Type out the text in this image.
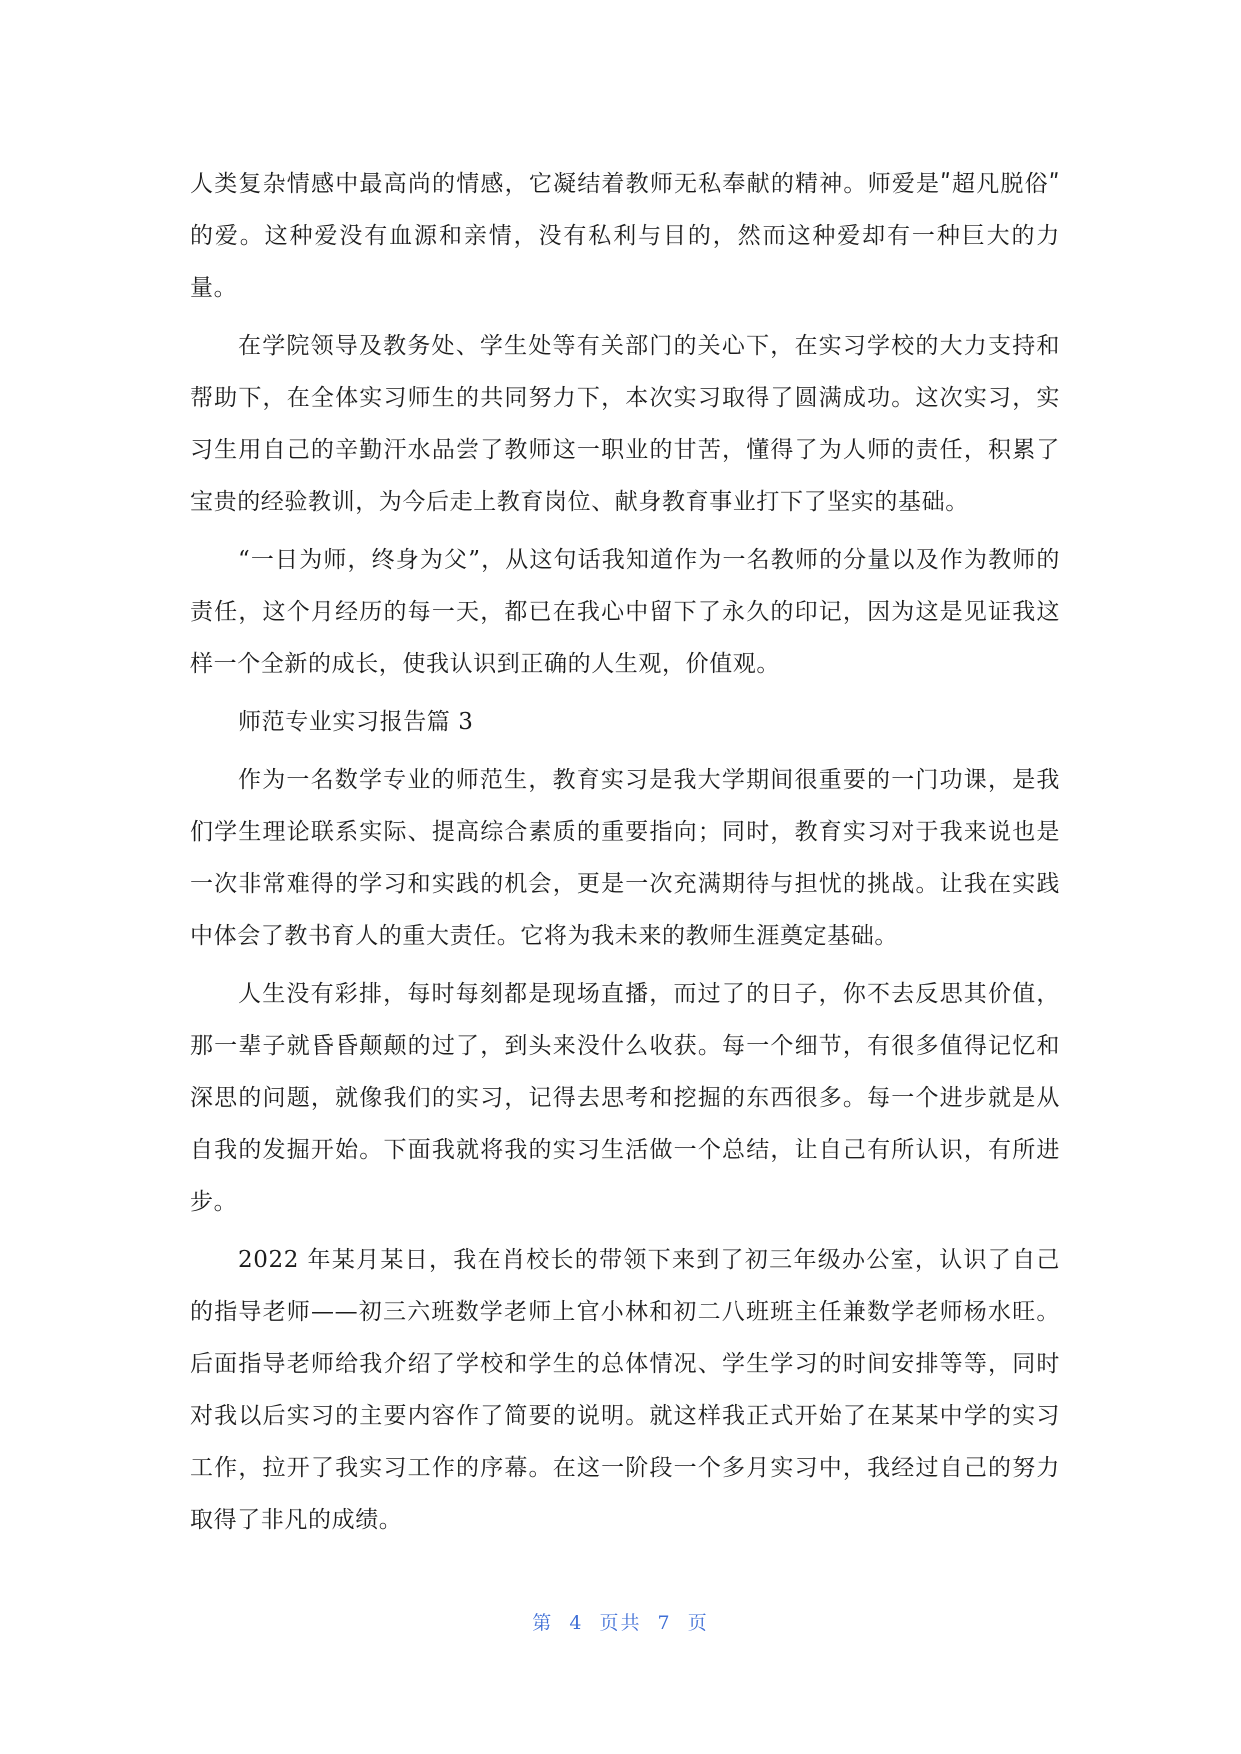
人类复杂情感中最高尚的情感，它凝结着教师无私奉献的精神。师爱是ʺ超凡脱俗ʺ的爱。这种爱没有血源和亲情，没有私利与目的，然而这种爱却有一种巨大的力量。

在学院领导及教务处、学生处等有关部门的关心下，在实习学校的大力支持和帮助下，在全体实习师生的共同努力下，本次实习取得了圆满成功。这次实习，实习生用自己的辛勤汗水品尝了教师这一职业的甘苦，懂得了为人师的责任，积累了宝贵的经验教训，为今后走上教育岗位、献身教育事业打下了坚实的基础。

“一日为师，终身为父”，从这句话我知道作为一名教师的分量以及作为教师的责任，这个月经历的每一天，都已在我心中留下了永久的印记，因为这是见证我这样一个全新的成长，使我认识到正确的人生观，价值观。

师范专业实习报告篇 3

作为一名数学专业的师范生，教育实习是我大学期间很重要的一门功课，是我们学生理论联系实际、提高综合素质的重要指向；同时，教育实习对于我来说也是一次非常难得的学习和实践的机会，更是一次充满期待与担忧的挑战。让我在实践中体会了教书育人的重大责任。它将为我未来的教师生涯奠定基础。

人生没有彩排，每时每刻都是现场直播，而过了的日子，你不去反思其价值，那一辈子就昏昏颠颠的过了，到头来没什么收获。每一个细节，有很多值得记忆和深思的问题，就像我们的实习，记得去思考和挖掘的东西很多。每一个进步就是从自我的发掘开始。下面我就将我的实习生活做一个总结，让自己有所认识，有所进步。

2022 年某月某日，我在肖校长的带领下来到了初三年级办公室，认识了自己的指导老师——初三六班数学老师上官小林和初二八班班主任兼数学老师杨水旺。后面指导老师给我介绍了学校和学生的总体情况、学生学习的时间安排等等，同时对我以后实习的主要内容作了简要的说明。就这样我正式开始了在某某中学的实习工作，拉开了我实习工作的序幕。在这一阶段一个多月实习中，我经过自己的努力取得了非凡的成绩。

第 4 页共 7 页
